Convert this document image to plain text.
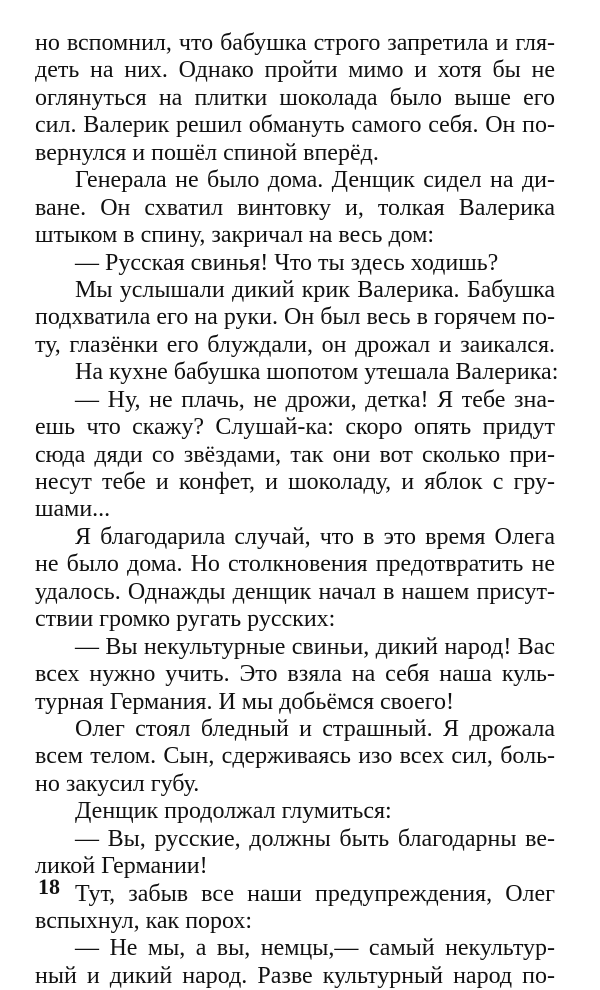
но вспомнил, что бабушка строго запретила и гля-
деть на них. Однако пройти мимо и хотя бы не
оглянуться на плитки шоколада было выше его
сил. Валерик решил обмануть самого себя. Он по-
вернулся и пошёл спиной вперёд.
Генерала не было дома. Денщик сидел на ди-
ване. Он схватил винтовку и, толкая Валерика
штыком в спину, закричал на весь дом:
— Русская свинья! Что ты здесь ходишь?
Мы услышали дикий крик Валерика. Бабушка
подхватила его на руки. Он был весь в горячем по-
ту, глазёнки его блуждали, он дрожал и заикался.
На кухне бабушка шопотом утешала Валерика:
— Ну, не плачь, не дрожи, детка! Я тебе зна-
ешь что скажу? Слушай-ка: скоро опять придут
сюда дяди со звёздами, так они вот сколько при-
несут тебе и конфет, и шоколаду, и яблок с гру-
шами...
Я благодарила случай, что в это время Олега
не было дома. Но столкновения предотвратить не
удалось. Однажды денщик начал в нашем присут-
ствии громко ругать русских:
— Вы некультурные свиньи, дикий народ! Вас
всех нужно учить. Это взяла на себя наша куль-
турная Германия. И мы добьёмся своего!
Олег стоял бледный и страшный. Я дрожала
всем телом. Сын, сдерживаясь изо всех сил, боль-
но закусил губу.
Денщик продолжал глумиться:
— Вы, русские, должны быть благодарны ве-
ликой Германии!
Тут, забыв все наши предупреждения, Олег
вспыхнул, как порох:
— Не мы, а вы, немцы,— самый некультур-
ный и дикий народ. Разве культурный народ по-
18
